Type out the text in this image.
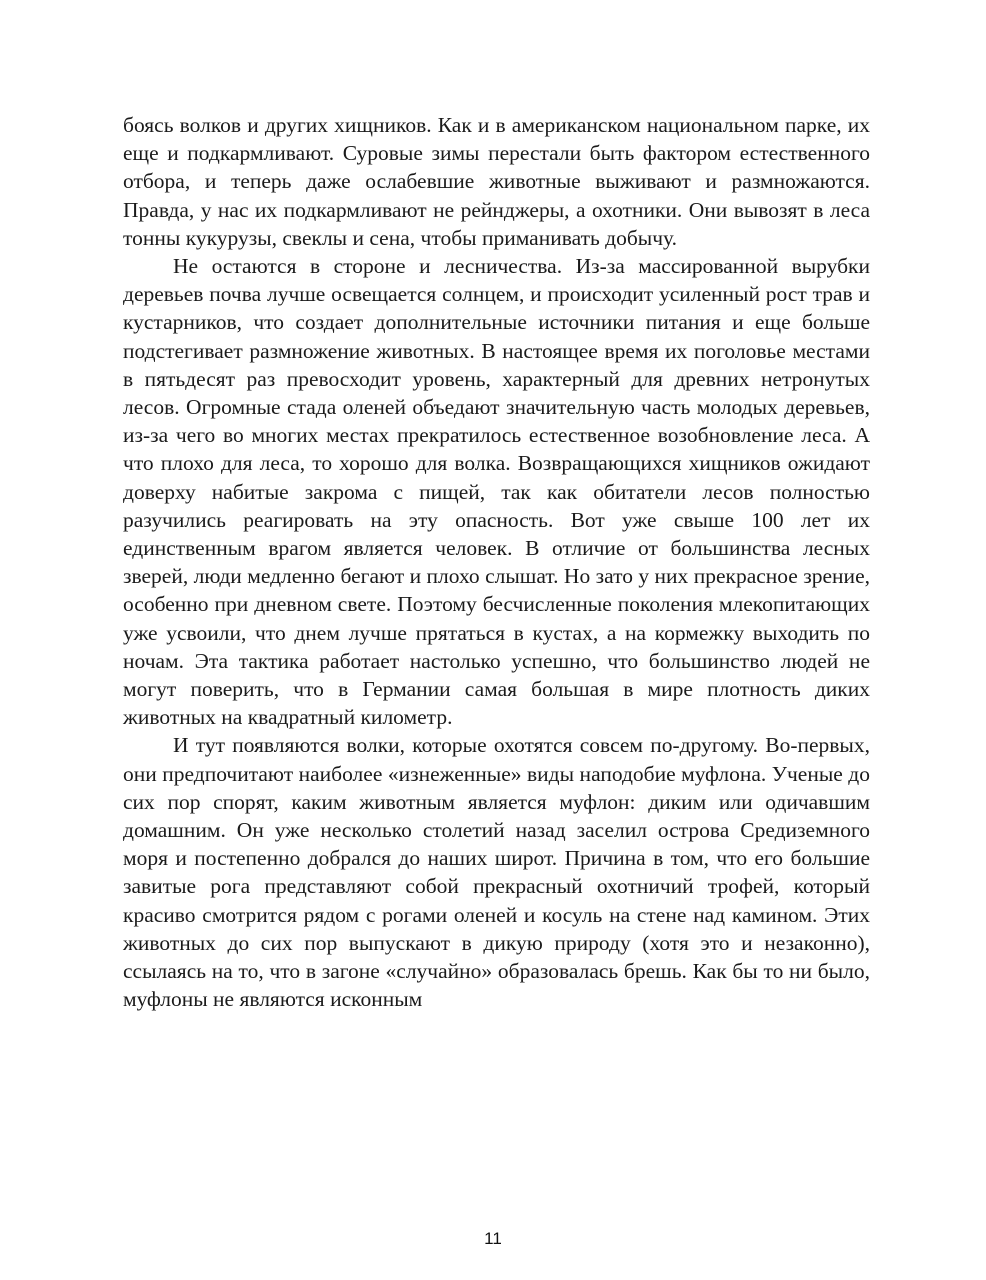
боясь волков и других хищников. Как и в американском национальном парке, их еще и подкармливают. Суровые зимы перестали быть фактором естественного отбора, и теперь даже ослабевшие животные выживают и размножаются. Правда, у нас их подкармливают не рейнджеры, а охотники. Они вывозят в леса тонны кукурузы, свеклы и сена, чтобы приманивать добычу.

Не остаются в стороне и лесничества. Из-за массированной вырубки деревьев почва лучше освещается солнцем, и происходит усиленный рост трав и кустарников, что создает дополнительные источники питания и еще больше подстегивает размножение животных. В настоящее время их поголовье местами в пятьдесят раз превосходит уровень, характерный для древних нетронутых лесов. Огромные стада оленей объедают значительную часть молодых деревьев, из-за чего во многих местах прекратилось естественное возобновление леса. А что плохо для леса, то хорошо для волка. Возвращающихся хищников ожидают доверху набитые закрома с пищей, так как обитатели лесов полностью разучились реагировать на эту опасность. Вот уже свыше 100 лет их единственным врагом является человек. В отличие от большинства лесных зверей, люди медленно бегают и плохо слышат. Но зато у них прекрасное зрение, особенно при дневном свете. Поэтому бесчисленные поколения млекопитающих уже усвоили, что днем лучше прятаться в кустах, а на кормежку выходить по ночам. Эта тактика работает настолько успешно, что большинство людей не могут поверить, что в Германии самая большая в мире плотность диких животных на квадратный километр.

И тут появляются волки, которые охотятся совсем по-другому. Во-первых, они предпочитают наиболее «изнеженные» виды наподобие муфлона. Ученые до сих пор спорят, каким животным является муфлон: диким или одичавшим домашним. Он уже несколько столетий назад заселил острова Средиземного моря и постепенно добрался до наших широт. Причина в том, что его большие завитые рога представляют собой прекрасный охотничий трофей, который красиво смотрится рядом с рогами оленей и косуль на стене над камином. Этих животных до сих пор выпускают в дикую природу (хотя это и незаконно), ссылаясь на то, что в загоне «случайно» образовалась брешь. Как бы то ни было, муфлоны не являются исконным

11
